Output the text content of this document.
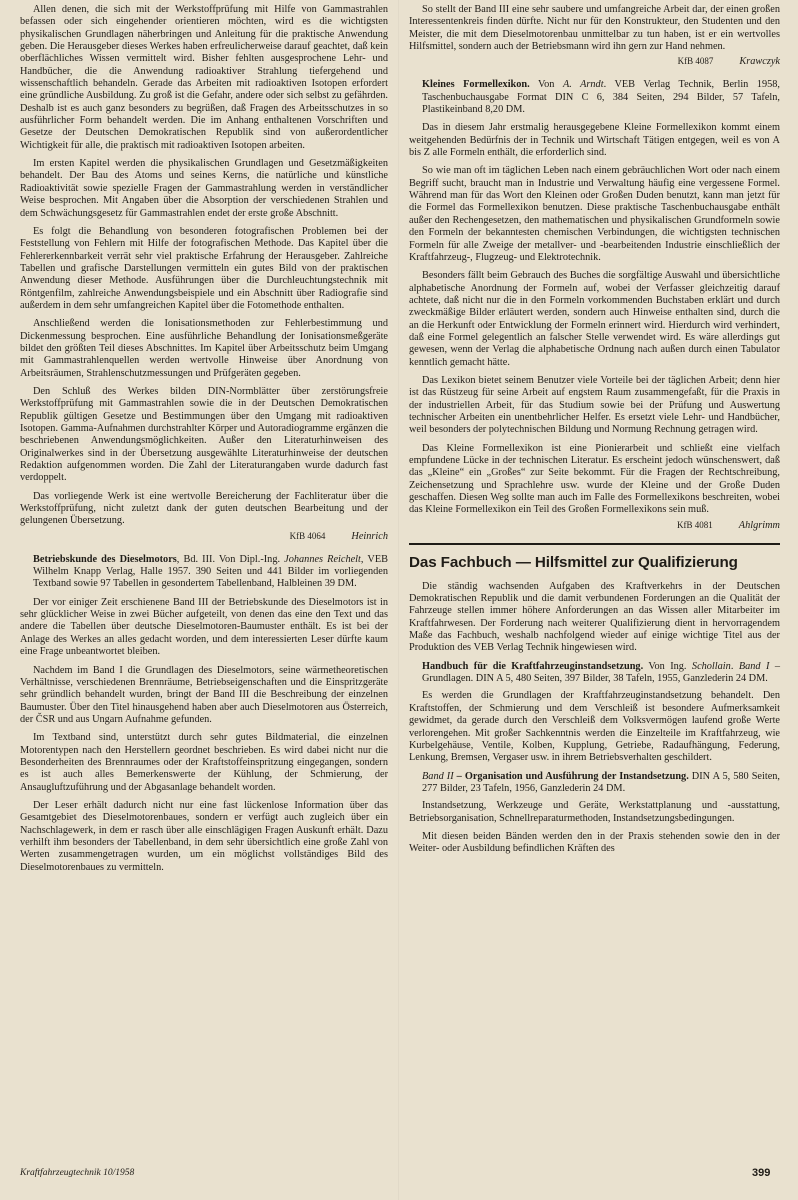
Allen denen, die sich mit der Werkstoffprüfung mit Hilfe von Gammastrahlen befassen oder sich eingehender orientieren möchten, wird es die wichtigsten physikalischen Grundlagen näherbringen und Anleitung für die praktische Anwendung geben. Die Herausgeber dieses Werkes haben erfreulicherweise darauf geachtet, daß kein oberflächliches Wissen vermittelt wird. Bisher fehlten ausgesprochene Lehr- und Handbücher, die die Anwendung radioaktiver Strahlung tiefergehend und wissenschaftlich behandeln. Gerade das Arbeiten mit radioaktiven Isotopen erfordert eine gründliche Ausbildung. Zu groß ist die Gefahr, andere oder sich selbst zu gefährden. Deshalb ist es auch ganz besonders zu begrüßen, daß Fragen des Arbeitsschutzes in so ausführlicher Form behandelt werden. Die im Anhang enthaltenen Vorschriften und Gesetze der Deutschen Demokratischen Republik sind von außerordentlicher Wichtigkeit für alle, die praktisch mit radioaktiven Isotopen arbeiten.

Im ersten Kapitel werden die physikalischen Grundlagen und Gesetzmäßigkeiten behandelt. Der Bau des Atoms und seines Kerns, die natürliche und künstliche Radioaktivität sowie spezielle Fragen der Gammastrahlung werden in verständlicher Weise besprochen. Mit Angaben über die Absorption der verschiedenen Strahlen und dem Schwächungsgesetz für Gammastrahlen endet der erste große Abschnitt.

Es folgt die Behandlung von besonderen fotografischen Problemen bei der Feststellung von Fehlern mit Hilfe der fotografischen Methode. Das Kapitel über die Fehlererkennbarkeit verrät sehr viel praktische Erfahrung der Herausgeber. Zahlreiche Tabellen und grafische Darstellungen vermitteln ein gutes Bild von der praktischen Anwendung dieser Methode. Ausführungen über die Durchleuchtungstechnik mit Röntgenfilm, zahlreiche Anwendungsbeispiele und ein Abschnitt über Radiografie sind außerdem in dem sehr umfangreichen Kapitel über die Fotomethode enthalten.

Anschließend werden die Ionisationsmethoden zur Fehlerbestimmung und Dickenmessung besprochen. Eine ausführliche Behandlung der Ionisationsmeßgeräte bildet den größten Teil dieses Abschnittes. Im Kapitel über Arbeitsschutz beim Umgang mit Gammastrahlenquellen werden wertvolle Hinweise über Anordnung von Arbeitsräumen, Strahlenschutzmessungen und Prüfgeräten gegeben.

Den Schluß des Werkes bilden DIN-Normblätter über zerstörungsfreie Werkstoffprüfung mit Gammastrahlen sowie die in der Deutschen Demokratischen Republik gültigen Gesetze und Bestimmungen über den Umgang mit radioaktiven Isotopen. Gamma-Aufnahmen durchstrahlter Körper und Autoradiogramme ergänzen die beschriebenen Anwendungsmöglichkeiten. Außer den Literaturhinweisen des Originalwerkes sind in der Übersetzung ausgewählte Literaturhinweise der deutschen Redaktion aufgenommen worden. Die Zahl der Literaturangaben wurde dadurch fast verdoppelt.

Das vorliegende Werk ist eine wertvolle Bereicherung der Fachliteratur über die Werkstoffprüfung, nicht zuletzt dank der guten deutschen Bearbeitung und der gelungenen Übersetzung.

KfB 4064	Heinrich

Betriebskunde des Dieselmotors, Bd. III. Von Dipl.-Ing. Johannes Reichelt, VEB Wilhelm Knapp Verlag, Halle 1957. 390 Seiten und 441 Bilder im vorliegenden Textband sowie 97 Tabellen in gesondertem Tabellenband, Halbleinen 39 DM.

Der vor einiger Zeit erschienene Band III der Betriebskunde des Dieselmotors ist in sehr glücklicher Weise in zwei Bücher aufgeteilt, von denen das eine den Text und das andere die Tabellen über deutsche Dieselmotoren-Baumuster enthält. Es ist bei der Anlage des Werkes an alles gedacht worden, und dem interessierten Leser dürfte kaum eine Frage unbeantwortet bleiben.

Nachdem im Band I die Grundlagen des Dieselmotors, seine wärmetheoretischen Verhältnisse, verschiedenen Brennräume, Betriebseigenschaften und die Einspritzgeräte sehr gründlich behandelt wurden, bringt der Band III die Beschreibung der einzelnen Baumuster. Über den Titel hinausgehend haben aber auch Dieselmotoren aus Österreich, der ČSR und aus Ungarn Aufnahme gefunden.

Im Textband sind, unterstützt durch sehr gutes Bildmaterial, die einzelnen Motorentypen nach den Herstellern geordnet beschrieben. Es wird dabei nicht nur die Besonderheiten des Brennraumes oder der Kraftstoffeinspritzung eingegangen, sondern es ist auch alles Bemerkenswerte der Kühlung, der Schmierung, der Ansaugluftzuführung und der Abgasanlage behandelt worden.

Der Leser erhält dadurch nicht nur eine fast lückenlose Information über das Gesamtgebiet des Dieselmotorenbaues, sondern er verfügt auch zugleich über ein Nachschlagewerk, in dem er rasch über alle einschlägigen Fragen Auskunft erhält. Dazu verhilft ihm besonders der Tabellenband, in dem sehr übersichtlich eine große Zahl von Werten zusammengetragen wurden, um ein möglichst vollständiges Bild des Dieselmotorenbaues zu vermitteln.

So stellt der Band III eine sehr saubere und umfangreiche Arbeit dar, der einen großen Interessentenkreis finden dürfte. Nicht nur für den Konstrukteur, den Studenten und den Meister, die mit dem Dieselmotorenbau unmittelbar zu tun haben, ist er ein wertvolles Hilfsmittel, sondern auch der Betriebsmann wird ihn gern zur Hand nehmen.

KfB 4087	Krawczyk

Kleines Formellexikon. Von A. Arndt. VEB Verlag Technik, Berlin 1958, Taschenbuchausgabe Format DIN C 6, 384 Seiten, 294 Bilder, 57 Tafeln, Plastikeinband 8,20 DM.

Das in diesem Jahr erstmalig herausgegebene Kleine Formellexikon kommt einem weitgehenden Bedürfnis der in Technik und Wirtschaft Tätigen entgegen, weil es von A bis Z alle Formeln enthält, die erforderlich sind.

So wie man oft im täglichen Leben nach einem gebräuchlichen Wort oder nach einem Begriff sucht, braucht man in Industrie und Verwaltung häufig eine vergessene Formel. Während man für das Wort den Kleinen oder Großen Duden benutzt, kann man jetzt für die Formel das Formellexikon benutzen. Diese praktische Taschenbuchausgabe enthält außer den Rechengesetzen, den mathematischen und physikalischen Grundformeln sowie den Formeln der bekanntesten chemischen Verbindungen, die wichtigsten technischen Formeln für alle Zweige der metallver- und -bearbeitenden Industrie einschließlich der Kraftfahrzeug-, Flugzeug- und Elektrotechnik.

Besonders fällt beim Gebrauch des Buches die sorgfältige Auswahl und übersichtliche alphabetische Anordnung der Formeln auf, wobei der Verfasser gleichzeitig darauf achtete, daß nicht nur die in den Formeln vorkommenden Buchstaben erklärt und durch zweckmäßige Bilder erläutert werden, sondern auch Hinweise enthalten sind, durch die an die Herkunft oder Entwicklung der Formeln erinnert wird. Hierdurch wird verhindert, daß eine Formel gelegentlich an falscher Stelle verwendet wird. Es wäre allerdings gut gewesen, wenn der Verlag die alphabetische Ordnung nach außen durch einen Tabulator kenntlich gemacht hätte.

Das Lexikon bietet seinem Benutzer viele Vorteile bei der täglichen Arbeit; denn hier ist das Rüstzeug für seine Arbeit auf engstem Raum zusammengefaßt, für die Praxis in der industriellen Arbeit, für das Studium sowie bei der Prüfung und Auswertung technischer Arbeiten ein unentbehrlicher Helfer. Es ersetzt viele Lehr- und Handbücher, weil besonders der polytechnischen Bildung und Normung Rechnung getragen wird.

Das Kleine Formellexikon ist eine Pionierarbeit und schließt eine vielfach empfundene Lücke in der technischen Literatur. Es erscheint jedoch wünschenswert, daß das „Kleine“ ein „Großes“ zur Seite bekommt. Für die Fragen der Rechtschreibung, Zeichensetzung und Sprachlehre usw. wurde der Kleine und der Große Duden geschaffen. Diesen Weg sollte man auch im Falle des Formellexikons beschreiten, wobei das Kleine Formellexikon ein Teil des Großen Formellexikons sein muß.

KfB 4081	Ahlgrimm
Das Fachbuch — Hilfsmittel zur Qualifizierung

Die ständig wachsenden Aufgaben des Kraftverkehrs in der Deutschen Demokratischen Republik und die damit verbundenen Forderungen an die Qualität der Fahrzeuge stellen immer höhere Anforderungen an das Wissen aller Mitarbeiter im Kraftfahrwesen. Der Forderung nach weiterer Qualifizierung dient in hervorragendem Maße das Fachbuch, weshalb nachfolgend wieder auf einige wichtige Titel aus der Produktion des VEB Verlag Technik hingewiesen wird.

Handbuch für die Kraftfahrzeuginstandsetzung. Von Ing. Schollain. Band I – Grundlagen. DIN A 5, 480 Seiten, 397 Bilder, 38 Tafeln, 1955, Ganzlederin 24 DM.

Es werden die Grundlagen der Kraftfahrzeuginstandsetzung behandelt. Den Kraftstoffen, der Schmierung und dem Verschleiß ist besondere Aufmerksamkeit gewidmet, da gerade durch den Verschleiß dem Volksvermögen laufend große Werte verlorengehen. Mit großer Sachkenntnis werden die Einzelteile im Kraftfahrzeug, wie Kurbelgehäuse, Ventile, Kolben, Kupplung, Getriebe, Radaufhängung, Federung, Lenkung, Bremsen, Vergaser usw. in ihrem Betriebsverhalten geschildert.

Band II – Organisation und Ausführung der Instandsetzung. DIN A 5, 580 Seiten, 277 Bilder, 23 Tafeln, 1956, Ganzlederin 24 DM.

Instandsetzung, Werkzeuge und Geräte, Werkstattplanung und -ausstattung, Betriebsorganisation, Schnellreparaturmethoden, Instandsetzungsbedingungen.

Mit diesen beiden Bänden werden den in der Praxis stehenden sowie den in der Weiter- oder Ausbildung befindlichen Kräften des

Kraftfahrzeugtechnik 10/1958	399
